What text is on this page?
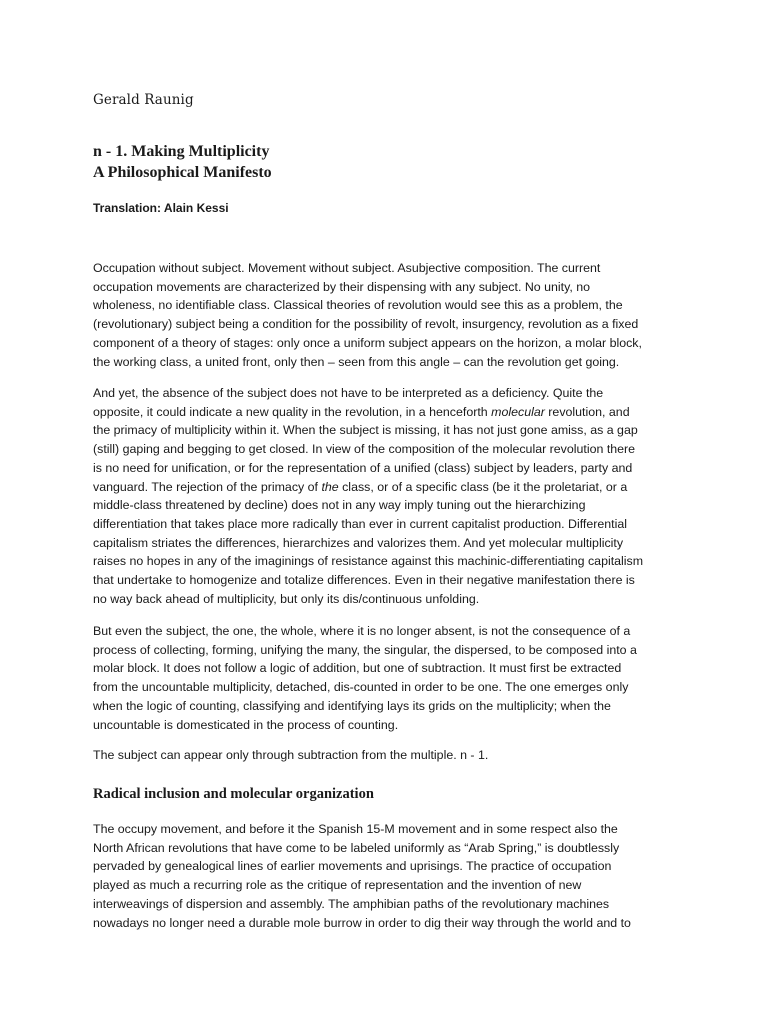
Gerald Raunig
n - 1. Making Multiplicity
A Philosophical Manifesto
Translation: Alain Kessi
Occupation without subject. Movement without subject. Asubjective composition. The current
occupation movements are characterized by their dispensing with any subject. No unity, no
wholeness, no identifiable class. Classical theories of revolution would see this as a problem, the
(revolutionary) subject being a condition for the possibility of revolt, insurgency, revolution as a fixed
component of a theory of stages: only once a uniform subject appears on the horizon, a molar block,
the working class, a united front, only then – seen from this angle – can the revolution get going.
And yet, the absence of the subject does not have to be interpreted as a deficiency. Quite the
opposite, it could indicate a new quality in the revolution, in a henceforth molecular revolution, and
the primacy of multiplicity within it. When the subject is missing, it has not just gone amiss, as a gap
(still) gaping and begging to get closed. In view of the composition of the molecular revolution there
is no need for unification, or for the representation of a unified (class) subject by leaders, party and
vanguard. The rejection of the primacy of the class, or of a specific class (be it the proletariat, or a
middle-class threatened by decline) does not in any way imply tuning out the hierarchizing
differentiation that takes place more radically than ever in current capitalist production. Differential
capitalism striates the differences, hierarchizes and valorizes them. And yet molecular multiplicity
raises no hopes in any of the imaginings of resistance against this machinic-differentiating capitalism
that undertake to homogenize and totalize differences. Even in their negative manifestation there is
no way back ahead of multiplicity, but only its dis/continuous unfolding.
But even the subject, the one, the whole, where it is no longer absent, is not the consequence of a
process of collecting, forming, unifying the many, the singular, the dispersed, to be composed into a
molar block. It does not follow a logic of addition, but one of subtraction. It must first be extracted
from the uncountable multiplicity, detached, dis-counted in order to be one. The one emerges only
when the logic of counting, classifying and identifying lays its grids on the multiplicity; when the
uncountable is domesticated in the process of counting.
The subject can appear only through subtraction from the multiple. n - 1.
Radical inclusion and molecular organization
The occupy movement, and before it the Spanish 15-M movement and in some respect also the
North African revolutions that have come to be labeled uniformly as “Arab Spring,” is doubtlessly
pervaded by genealogical lines of earlier movements and uprisings. The practice of occupation
played as much a recurring role as the critique of representation and the invention of new
interweavings of dispersion and assembly. The amphibian paths of the revolutionary machines
nowadays no longer need a durable mole burrow in order to dig their way through the world and to
